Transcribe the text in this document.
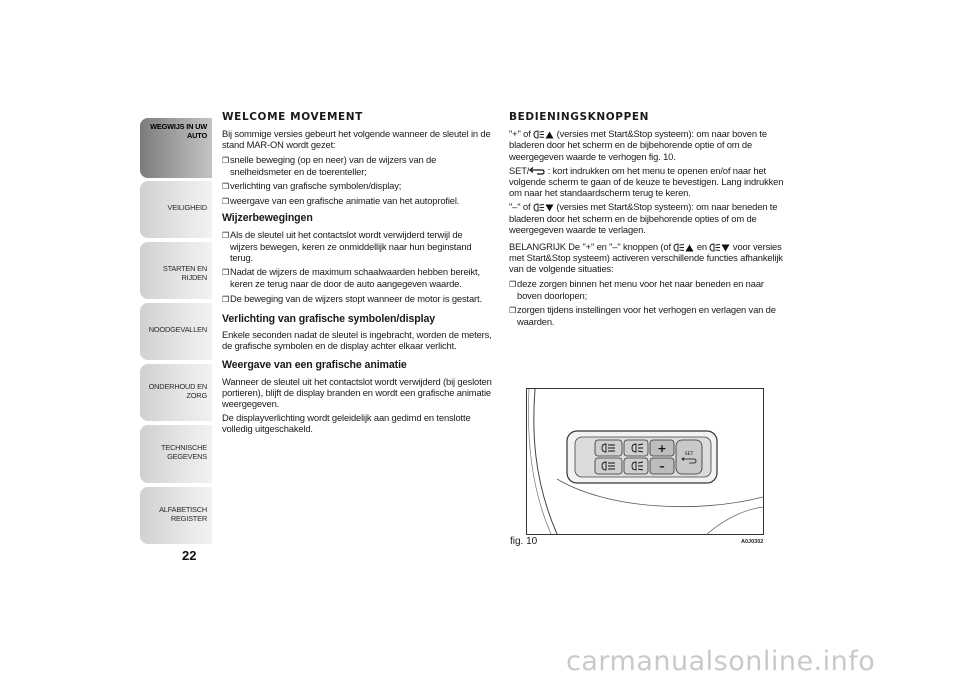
WEGWIJS IN UW
AUTO
VEILIGHEID
STARTEN EN RIJDEN
NOODGEVALLEN
ONDERHOUD EN
ZORG
TECHNISCHE
GEGEVENS
ALFABETISCH
REGISTER
22
WELCOME MOVEMENT

Bij sommige versies gebeurt het volgende wanneer de sleutel in de stand MAR-ON wordt gezet:

❒snelle beweging (op en neer) van de wijzers van de snelheidsmeter en de toerenteller;
❒verlichting van grafische symbolen/display;
❒weergave van een grafische animatie van het autoprofiel.
Wijzerbewegingen
❒Als de sleutel uit het contactslot wordt verwijderd terwijl de wijzers bewegen, keren ze onmiddellijk naar hun beginstand terug.
❒Nadat de wijzers de maximum schaalwaarden hebben bereikt, keren ze terug naar de door de auto aangegeven waarde.
❒De beweging van de wijzers stopt wanneer de motor is gestart.
Verlichting van grafische symbolen/display

Enkele seconden nadat de sleutel is ingebracht, worden de meters, de grafische symbolen en de display achter elkaar verlicht.

Weergave van een grafische animatie

Wanneer de sleutel uit het contactslot wordt verwijderd (bij gesloten portieren), blijft de display branden en wordt een grafische animatie weergegeven.

De displayverlichting wordt geleidelijk aan gedimd en tenslotte volledig uitgeschakeld.

BEDIENINGSKNOPPEN

"+" of	(versies met Start&Stop systeem): om naar boven te bladeren door het scherm en de bijbehorende optie of om de weergegeven waarde te verhogen fig. 10.

SET/ : kort indrukken om het menu te openen en/of naar het volgende scherm te gaan of de keuze te bevestigen. Lang indrukken om naar het standaardscherm terug te keren.

"–" of	(versies met Start&Stop systeem): om naar beneden te bladeren door het scherm en de bijbehorende opties of om de weergegeven waarde te verlagen.

BELANGRIJK De "+" en "–" knoppen (of	en	voor versies met Start&Stop systeem) activeren verschillende functies afhankelijk van de volgende situaties:

❒deze zorgen binnen het menu voor het naar beneden en naar boven doorlopen;
❒zorgen tijdens instellingen voor het verhogen en verlagen van de waarden.
+
–
SET
fig. 10	A0J0302
carmanualsonline.info
